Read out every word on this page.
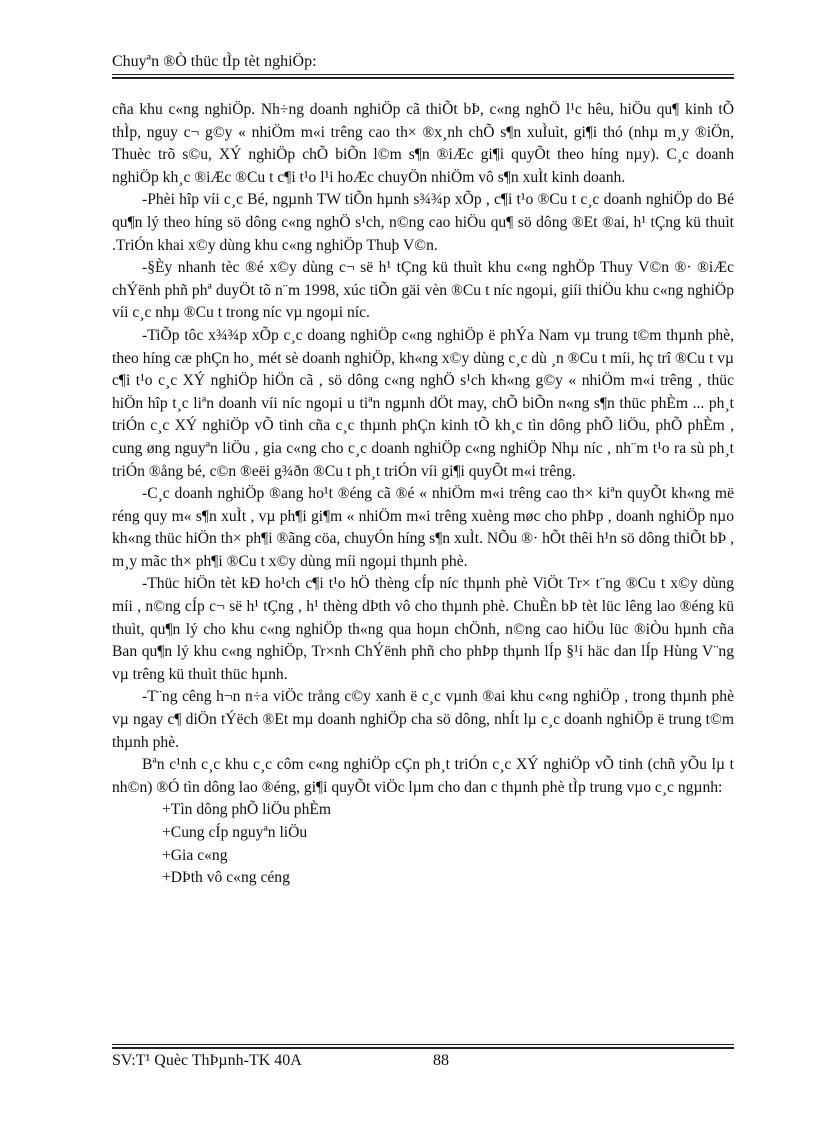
Chuyªn ®Ò thüc tÌp tèt nghiÖp:

cña khu c«ng nghiÖp. Nh÷ng doanh nghiÖp cã thiÕt bÞ, c«ng nghÖ l¹c hêu, hiÖu qu¶ kinh tÕ thÌp, nguy c¬ g©y « nhiÖm m«i trêng cao th× ®x¸nh chÕ s¶n xuÌuìt, gi¶i thó (nhµ m¸y ®iÖn, Thuèc trõ s©u, XÝ nghiÖp chÕ biÕn l©m s¶n ®iÆc gi¶i quyÕt theo híng nµy). C¸c doanh nghiÖp kh¸c ®iÆc ®Cu t c¶i t¹o l¹i hoÆc chuyÖn nhiÖm vô s¶n xuÌt kinh doanh.

-Phèi hîp víi c¸c Bé, ngµnh TW tiÕn hµnh s¾¾p xÕp , c¶i t¹o ®Cu t c¸c doanh nghiÖp do Bé qu¶n lý theo híng sö dông c«ng nghÖ s¹ch, n©ng cao hiÖu qu¶ sö dông ®Et ®ai, h¹ tÇng kü thuìt .TriÓn khai x©y dùng khu c«ng nghiÖp Thuþ V©n.

-§Èy nhanh tèc ®é x©y dùng c¬ së h¹ tÇng kü thuìt khu c«ng nghÖp Thuy V©n ®· ®iÆc chÝënh phñ phª duyÖt tõ n¨m 1998, xúc tiÕn gäi vèn ®Cu t níc ngoµi, giíi thiÖu khu c«ng nghiÖp víi c¸c nhµ ®Cu t trong níc vµ ngoµi níc.

-TiÕp tôc x¾¾p xÕp c¸c doang nghiÖp c«ng nghiÖp ë phÝa Nam vµ trung t©m thµnh phè, theo híng cæ phÇn ho¸ mét sè doanh nghiÖp, kh«ng x©y dùng c¸c dù ¸n ®Cu t míi, hç trî ®Cu t vµ c¶i t¹o c¸c XÝ nghiÖp hiÖn cã , sö dông c«ng nghÖ s¹ch kh«ng g©y « nhiÖm m«i trêng , thüc hiÖn hîp t¸c liªn doanh víi níc ngoµi u tiªn ngµnh dÖt may, chÕ biÕn n«ng s¶n thüc phÈm ... ph¸t triÓn c¸c XÝ nghiÖp vÕ tinh cña c¸c thµnh phÇn kinh tÕ kh¸c tìn dông phÕ liÖu, phÕ phÈm , cung øng nguyªn liÖu , gia c«ng cho c¸c doanh nghiÖp c«ng nghiÖp Nhµ níc , nh¨m t¹o ra sù ph¸t triÓn ®ång bé, c©n ®eëi g¾ðn ®Cu t ph¸t triÓn víi gi¶i quyÕt m«i trêng.

-C¸c doanh nghiÖp ®ang ho¹t ®éng cã ®é « nhiÖm m«i trêng cao th× kiªn quyÕt kh«ng më réng quy m« s¶n xuÌt , vµ ph¶i gi¶m « nhiÖm m«i trêng xuèng møc cho phÞp , doanh nghiÖp nµo kh«ng thüc hiÖn th× ph¶i ®ãng cöa, chuyÓn híng s¶n xuÌt. NÕu ®· hÕt thêi h¹n sö dông thiÕt bÞ , m¸y mãc th× ph¶i ®Cu t x©y dùng míi ngoµi thµnh phè.

-Thüc hiÖn tèt kÐ ho¹ch c¶i t¹o hÖ thèng cÍp níc thµnh phè ViÖt Tr× t¨ng ®Cu t x©y dùng míi , n©ng cÍp c¬ së h¹ tÇng , h¹ thèng dÞth vô cho thµnh phè. ChuÈn bÞ tèt lüc lêng lao ®éng kü thuìt, qu¶n lý cho khu c«ng nghiÖp th«ng qua hoµn chÖnh, n©ng cao hiÖu lüc ®iÒu hµnh cña Ban qu¶n lý khu c«ng nghiÖp, Tr×nh ChÝënh phñ cho phÞp thµnh lÍp §¹i häc dan lÍp Hùng V¨ng vµ trêng kü thuìt thüc hµnh.

-T¨ng cêng h¬n n÷a viÖc trång c©y xanh ë c¸c vµnh ®ai khu c«ng nghiÖp , trong thµnh phè vµ ngay c¶ diÖn tÝëch ®Et mµ doanh nghiÖp cha sö dông, nhÍt lµ c¸c doanh nghiÖp ë trung t©m thµnh phè.

Bªn c¹nh c¸c khu c¸c côm c«ng nghiÖp cÇn ph¸t triÓn c¸c XÝ nghiÖp vÕ tinh (chñ yÕu lµ t nh©n) ®Ó tìn dông lao ®éng, gi¶i quyÕt viÖc lµm cho dan c thµnh phè tÌp trung vµo c¸c ngµnh:

+Tìn dông phÕ liÖu phÈm
+Cung cÍp nguyªn liÖu
+Gia c«ng
+DÞth vô c«ng céng
SV:T¹ Quèc ThÞµnh-TK 40A	88
